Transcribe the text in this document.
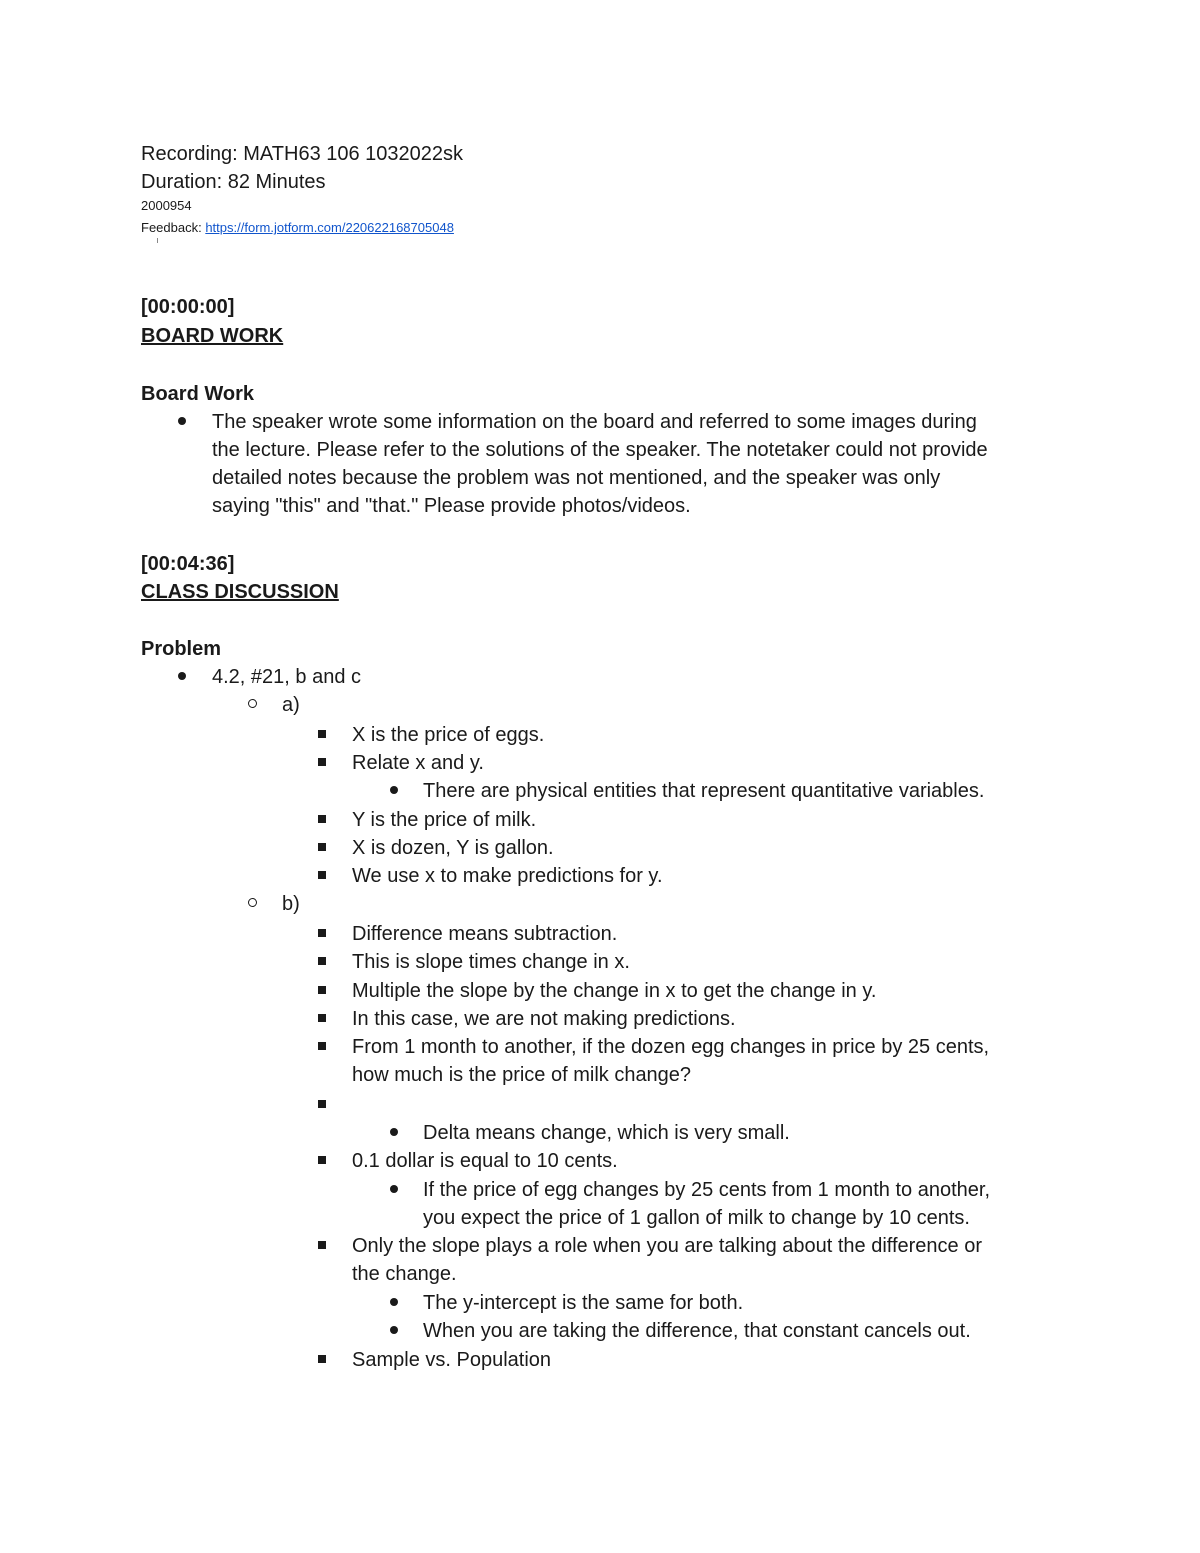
Recording: MATH63 106 1032022sk
Duration: 82 Minutes
2000954
Feedback: https://form.jotform.com/220622168705048
[00:00:00]
BOARD WORK
Board Work
The speaker wrote some information on the board and referred to some images during
the lecture. Please refer to the solutions of the speaker. The notetaker could not provide
detailed notes because the problem was not mentioned, and the speaker was only
saying "this" and "that." Please provide photos/videos.
[00:04:36]
CLASS DISCUSSION
Problem
4.2, #21, b and c
a)
X is the price of eggs.
Relate x and y.
There are physical entities that represent quantitative variables.
Y is the price of milk.
X is dozen, Y is gallon.
We use x to make predictions for y.
b)
Difference means subtraction.
This is slope times change in x.
Multiple the slope by the change in x to get the change in y.
In this case, we are not making predictions.
From 1 month to another, if the dozen egg changes in price by 25 cents,
how much is the price of milk change?
Delta means change, which is very small.
0.1 dollar is equal to 10 cents.
If the price of egg changes by 25 cents from 1 month to another,
you expect the price of 1 gallon of milk to change by 10 cents.
Only the slope plays a role when you are talking about the difference or
the change.
The y-intercept is the same for both.
When you are taking the difference, that constant cancels out.
Sample vs. Population
